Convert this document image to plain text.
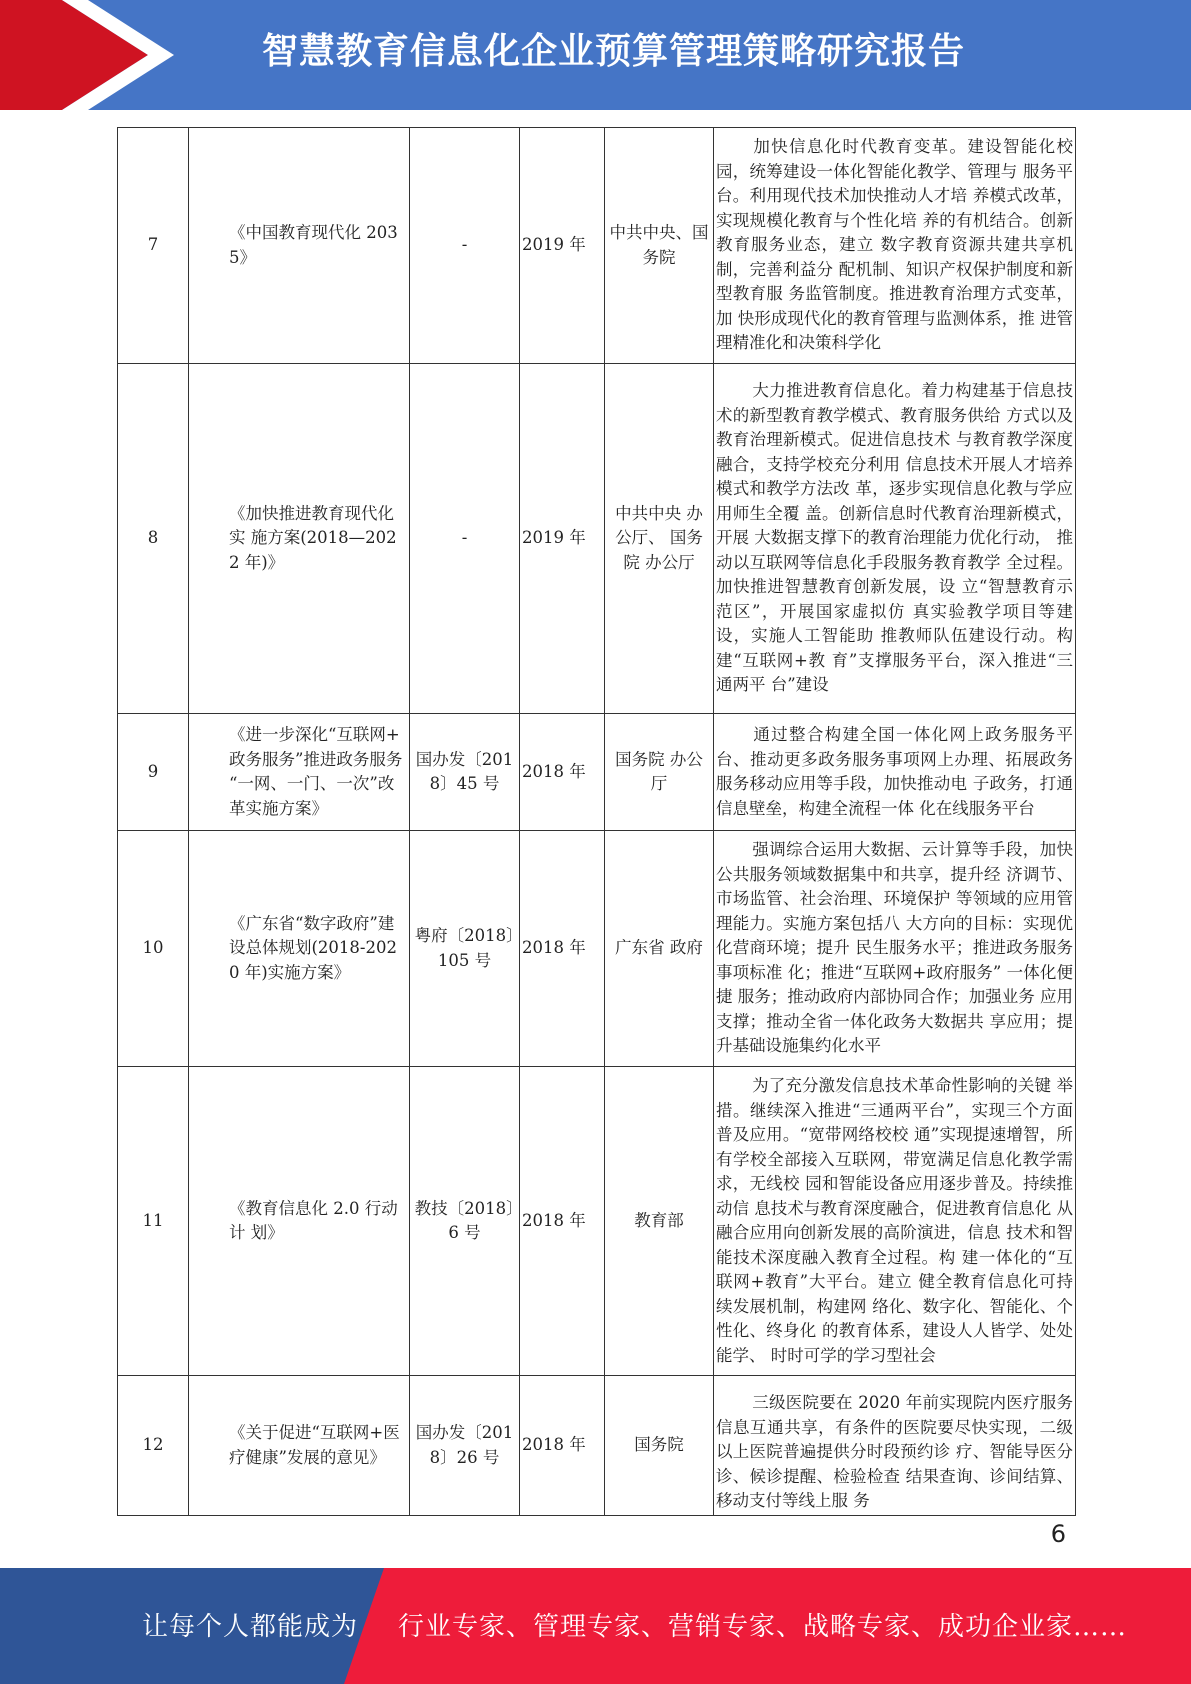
智慧教育信息化企业预算管理策略研究报告
7	《中国教育现代化 2035》	-	2019 年	中共中央、国务院	加快信息化时代教育变革。建设智能化校园，统筹建设一体化智能化教学、管理与 服务平台。利用现代技术加快推动人才培 养模式改革，实现规模化教育与个性化培 养的有机结合。创新教育服务业态，建立 数字教育资源共建共享机制，完善利益分 配机制、知识产权保护制度和新型教育服 务监管制度。推进教育治理方式变革，加 快形成现代化的教育管理与监测体系，推 进管理精准化和决策科学化
8	《加快推进教育现代化实 施方案(2018—2022 年)》	-	2019 年	中共中央 办公厅、 国务院 办公厅	大力推进教育信息化。着力构建基于信息技术的新型教育教学模式、教育服务供给 方式以及教育治理新模式。促进信息技术 与教育教学深度融合，支持学校充分利用 信息技术开展人才培养模式和教学方法改 革，逐步实现信息化教与学应用师生全覆 盖。创新信息时代教育治理新模式，开展 大数据支撑下的教育治理能力优化行动， 推动以互联网等信息化手段服务教育教学 全过程。加快推进智慧教育创新发展，设 立“智慧教育示范区”，开展国家虚拟仿 真实验教学项目等建设，实施人工智能助 推教师队伍建设行动。构建“互联网+教 育”支撑服务平台，深入推进“三通两平 台”建设
9	《进一步深化“互联网+ 政务服务”推进政务服务 “一网、一门、一次”改 革实施方案》	国办发〔2018〕45 号	2018 年	国务院 办公厅	通过整合构建全国一体化网上政务服务平 台、推动更多政务服务事项网上办理、拓展政务服务移动应用等手段，加快推动电 子政务，打通信息壁垒，构建全流程一体 化在线服务平台
10	《广东省“数字政府”建 设总体规划(2018-2020 年)实施方案》	粤府〔2018〕105 号	2018 年	广东省 政府	强调综合运用大数据、云计算等手段，加快公共服务领域数据集中和共享，提升经 济调节、市场监管、社会治理、环境保护 等领域的应用管理能力。实施方案包括八 大方向的目标：实现优化营商环境；提升 民生服务水平；推进政务服务事项标准 化；推进“互联网+政府服务” 一体化便捷 服务；推动政府内部协同合作；加强业务 应用支撑；推动全省一体化政务大数据共 享应用；提升基础设施集约化水平
11	《教育信息化 2.0 行动计 划》	教技〔2018〕6 号	2018 年	教育部	为了充分激发信息技术革命性影响的关键 举措。继续深入推进“三通两平台”，实现三个方面普及应用。“宽带网络校校 通”实现提速增智，所有学校全部接入互联网，带宽满足信息化教学需求，无线校 园和智能设备应用逐步普及。持续推动信 息技术与教育深度融合，促进教育信息化 从融合应用向创新发展的高阶演进，信息 技术和智能技术深度融入教育全过程。构 建一体化的“互联网+教育”大平台。建立 健全教育信息化可持续发展机制，构建网 络化、数字化、智能化、个性化、终身化 的教育体系，建设人人皆学、处处能学、 时时可学的学习型社会
12	《关于促进“互联网+医 疗健康”发展的意见》	国办发〔2018〕26 号	2018 年	国务院	三级医院要在 2020 年前实现院内医疗服务 信息互通共享，有条件的医院要尽快实现，二级以上医院普遍提供分时段预约诊 疗、智能导医分诊、候诊提醒、检验检查 结果查询、诊间结算、移动支付等线上服 务
6
让每个人都能成为 行业专家、管理专家、营销专家、战略专家、成功企业家……
